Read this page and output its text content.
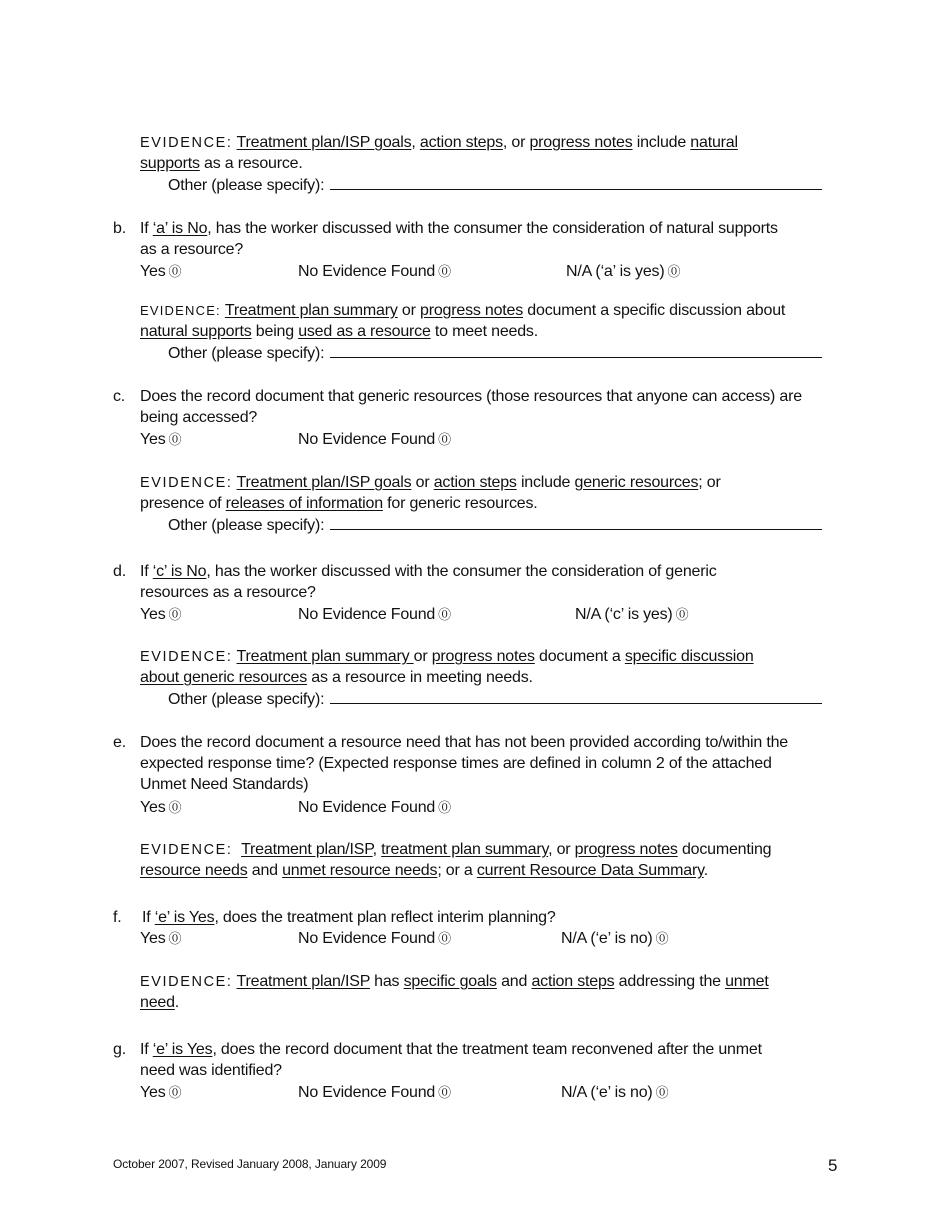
EVIDENCE: Treatment plan/ISP goals, action steps, or progress notes include natural
supports as a resource.
Other (please specify):
b. If ‘a’ is No, has the worker discussed with the consumer the consideration of natural supports
as a resource?
Yes ⓪	No Evidence Found ⓪	N/A (‘a’ is yes) ⓪
EVIDENCE: Treatment plan summary or progress notes document a specific discussion about
natural supports being used as a resource to meet needs.
Other (please specify):
c. Does the record document that generic resources (those resources that anyone can access) are
being accessed?
Yes ⓪	No Evidence Found ⓪
EVIDENCE: Treatment plan/ISP goals or action steps include generic resources; or
presence of releases of information for generic resources.
Other (please specify):
d. If ‘c’ is No, has the worker discussed with the consumer the consideration of generic
resources as a resource?
Yes ⓪	No Evidence Found ⓪	N/A (‘c’ is yes) ⓪
EVIDENCE: Treatment plan summary or progress notes document a specific discussion
about generic resources as a resource in meeting needs.
Other (please specify):
e. Does the record document a resource need that has not been provided according to/within the
expected response time? (Expected response times are defined in column 2 of the attached
Unmet Need Standards)
Yes ⓪	No Evidence Found ⓪
EVIDENCE: Treatment plan/ISP, treatment plan summary, or progress notes documenting
resource needs and unmet resource needs; or a current Resource Data Summary.
f.	If ‘e’ is Yes, does the treatment plan reflect interim planning?
Yes ⓪	No Evidence Found ⓪	N/A (‘e’ is no) ⓪
EVIDENCE: Treatment plan/ISP has specific goals and action steps addressing the unmet
need.
g. If ‘e’ is Yes, does the record document that the treatment team reconvened after the unmet
need was identified?
Yes ⓪	No Evidence Found ⓪	N/A (‘e’ is no) ⓪
October 2007, Revised January 2008, January 2009	5
